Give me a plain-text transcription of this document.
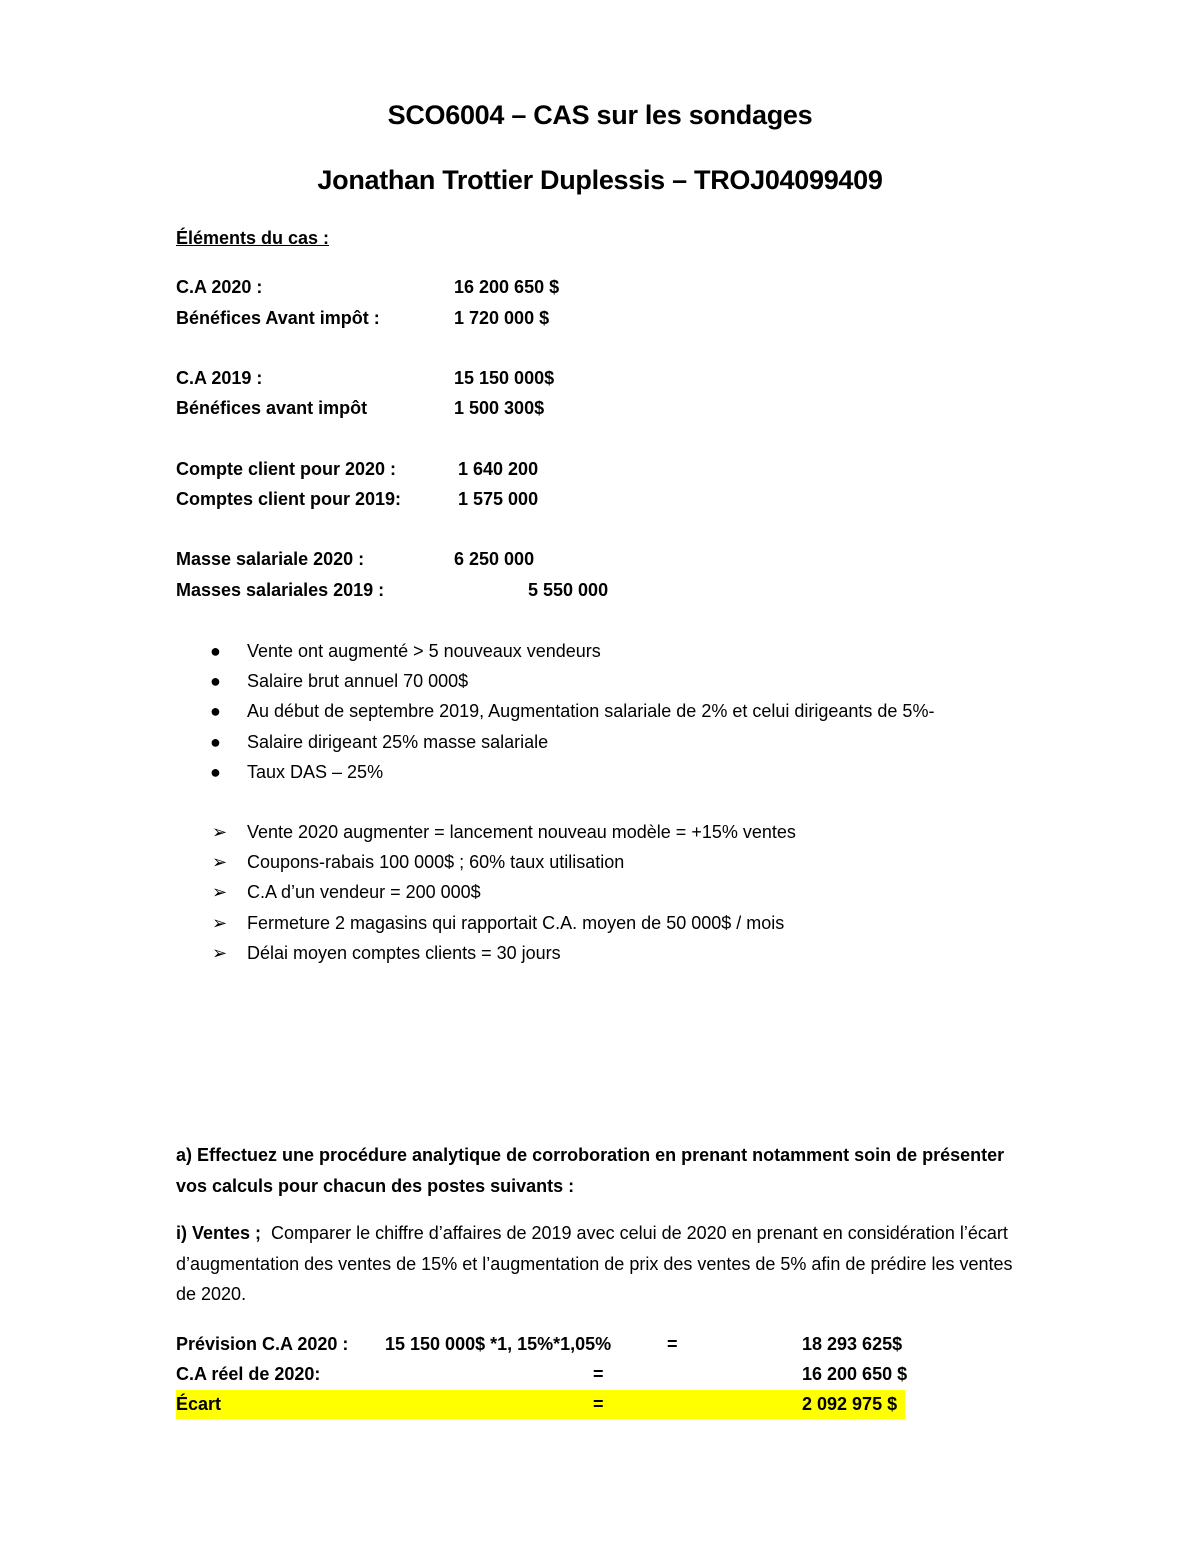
SCO6004 – CAS sur les sondages
Jonathan Trottier Duplessis – TROJ04099409
Éléments du cas :
C.A 2020 :	16 200 650 $
Bénéfices Avant impôt :	1 720 000 $
C.A 2019 :	15 150 000$
Bénéfices avant impôt	1 500 300$
Compte client pour 2020 :	1 640 200
Comptes client pour 2019:	1 575 000
Masse salariale 2020 :	6 250 000
Masses salariales 2019 :	5 550 000
● Vente ont augmenté > 5 nouveaux vendeurs
● Salaire brut annuel 70 000$
● Au début de septembre 2019, Augmentation salariale de 2% et celui dirigeants de 5%-
● Salaire dirigeant 25% masse salariale
● Taux DAS – 25%
➢ Vente 2020 augmenter = lancement nouveau modèle = +15% ventes
➢ Coupons-rabais 100 000$ ; 60% taux utilisation
➢ C.A d’un vendeur = 200 000$
➢ Fermeture 2 magasins qui rapportait C.A. moyen de 50 000$ / mois
➢ Délai moyen comptes clients = 30 jours
a) Effectuez une procédure analytique de corroboration en prenant notamment soin de présenter vos calculs pour chacun des postes suivants :
i) Ventes ; Comparer le chiffre d’affaires de 2019 avec celui de 2020 en prenant en considération l’écart d’augmentation des ventes de 15% et l’augmentation de prix des ventes de 5% afin de prédire les ventes de 2020.
Prévision C.A 2020 : 15 150 000$ *1, 15%*1,05%	=	18 293 625$
C.A réel de 2020:	=	16 200 650 $
Écart	=	2 092 975 $
